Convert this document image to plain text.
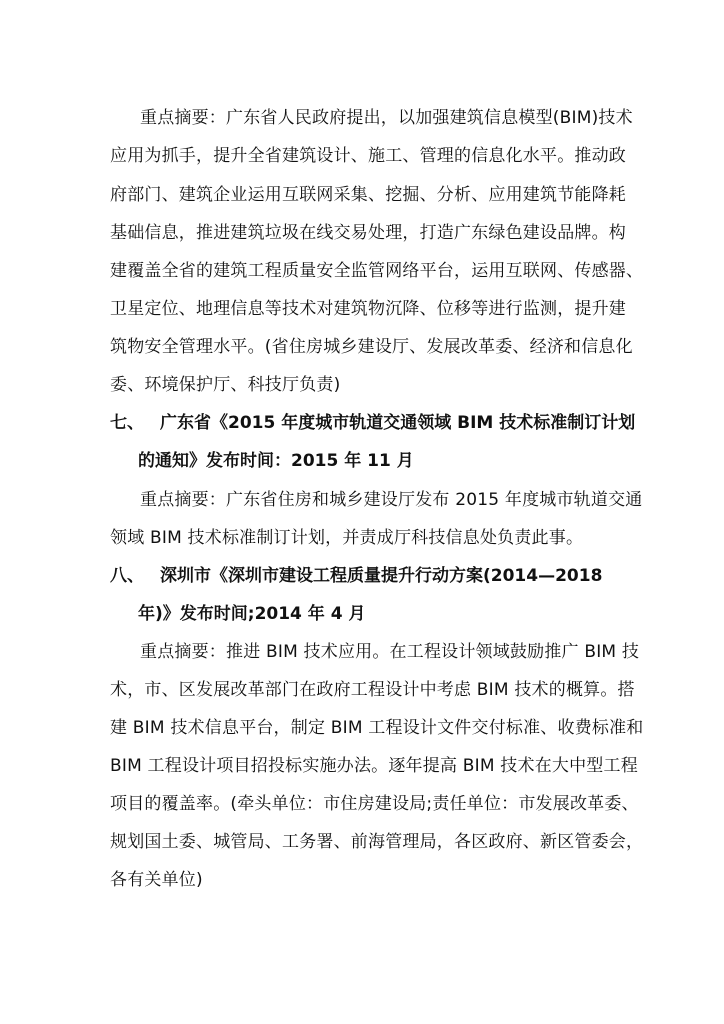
重点摘要：广东省人民政府提出，以加强建筑信息模型(BIM)技术
应用为抓手，提升全省建筑设计、施工、管理的信息化水平。推动政
府部门、建筑企业运用互联网采集、挖掘、分析、应用建筑节能降耗
基础信息，推进建筑垃圾在线交易处理，打造广东绿色建设品牌。构
建覆盖全省的建筑工程质量安全监管网络平台，运用互联网、传感器、
卫星定位、地理信息等技术对建筑物沉降、位移等进行监测，提升建
筑物安全管理水平。(省住房城乡建设厅、发展改革委、经济和信息化
委、环境保护厅、科技厅负责)
七、 广东省《2015 年度城市轨道交通领域 BIM 技术标准制订计划
的通知》发布时间：2015 年 11 月
重点摘要：广东省住房和城乡建设厅发布 2015 年度城市轨道交通
领域 BIM 技术标准制订计划，并责成厅科技信息处负责此事。
八、 深圳市《深圳市建设工程质量提升行动方案(2014—2018
年)》发布时间;2014 年 4 月
重点摘要：推进 BIM 技术应用。在工程设计领域鼓励推广 BIM 技
术，市、区发展改革部门在政府工程设计中考虑 BIM 技术的概算。搭
建 BIM 技术信息平台，制定 BIM 工程设计文件交付标准、收费标准和
BIM 工程设计项目招投标实施办法。逐年提高 BIM 技术在大中型工程
项目的覆盖率。(牵头单位：市住房建设局;责任单位：市发展改革委、
规划国土委、城管局、工务署、前海管理局，各区政府、新区管委会，
各有关单位)
